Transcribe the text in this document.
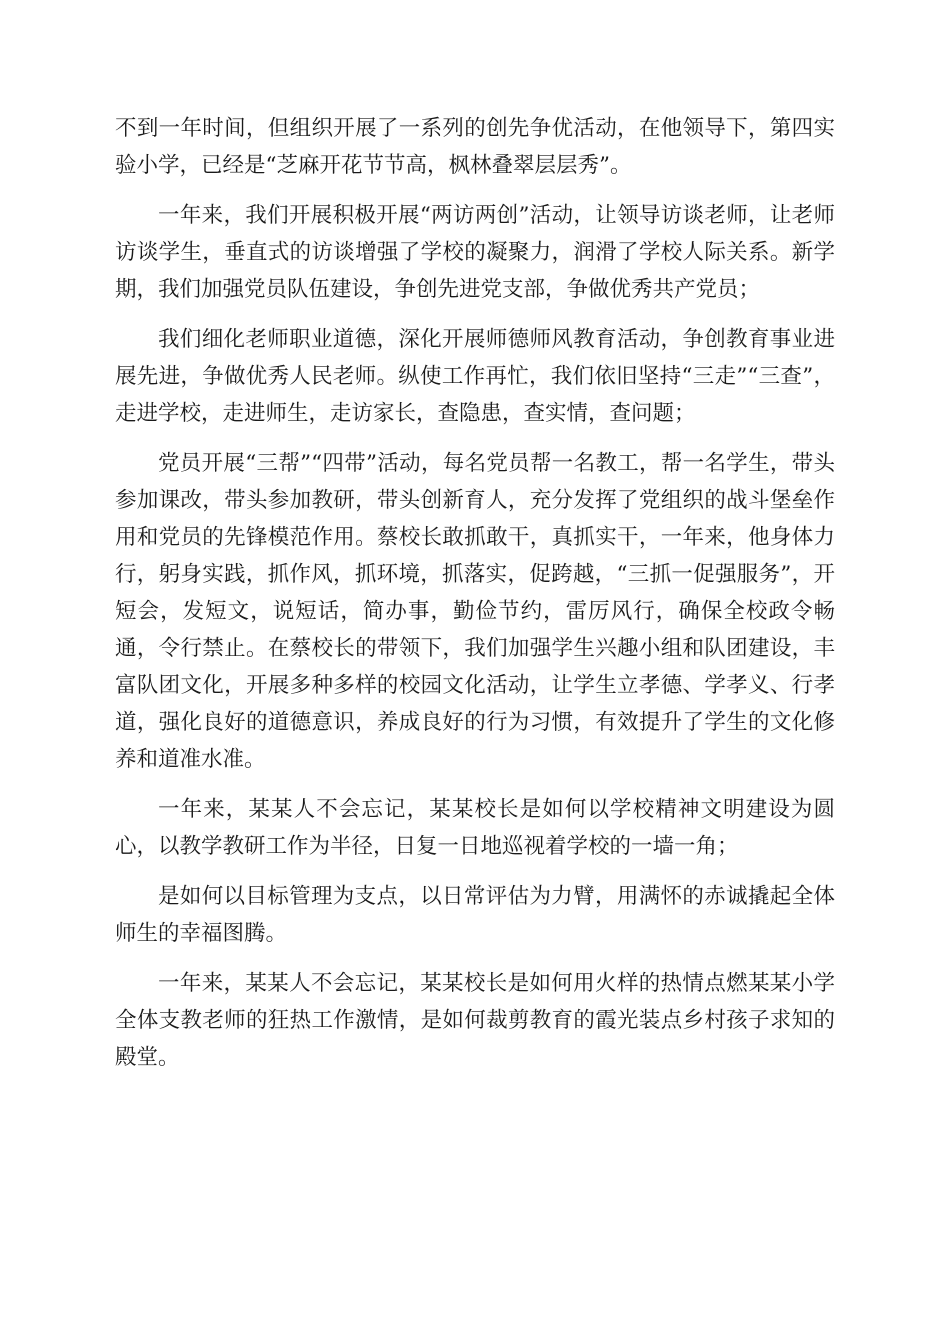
不到一年时间，但组织开展了一系列的创先争优活动，在他领导下，第四实验小学，已经是“芝麻开花节节高，枫林叠翠层层秀”。

一年来，我们开展积极开展“两访两创”活动，让领导访谈老师，让老师访谈学生，垂直式的访谈增强了学校的凝聚力，润滑了学校人际关系。新学期，我们加强党员队伍建设，争创先进党支部，争做优秀共产党员；

我们细化老师职业道德，深化开展师德师风教育活动，争创教育事业进展先进，争做优秀人民老师。纵使工作再忙，我们依旧坚持“三走”“三查”，走进学校，走进师生，走访家长，查隐患，查实情，查问题；

党员开展“三帮”“四带”活动，每名党员帮一名教工，帮一名学生，带头参加课改，带头参加教研，带头创新育人，充分发挥了党组织的战斗堡垒作用和党员的先锋模范作用。蔡校长敢抓敢干，真抓实干，一年来，他身体力行，躬身实践，抓作风，抓环境，抓落实，促跨越，“三抓一促强服务”，开短会，发短文，说短话，简办事，勤俭节约，雷厉风行，确保全校政令畅通，令行禁止。在蔡校长的带领下，我们加强学生兴趣小组和队团建设，丰富队团文化，开展多种多样的校园文化活动，让学生立孝德、学孝义、行孝道，强化良好的道德意识，养成良好的行为习惯，有效提升了学生的文化修养和道准水准。

一年来，某某人不会忘记，某某校长是如何以学校精神文明建设为圆心，以教学教研工作为半径，日复一日地巡视着学校的一墙一角；

是如何以目标管理为支点，以日常评估为力臂，用满怀的赤诚撬起全体师生的幸福图腾。

一年来，某某人不会忘记，某某校长是如何用火样的热情点燃某某小学全体支教老师的狂热工作激情，是如何裁剪教育的霞光装点乡村孩子求知的殿堂。
